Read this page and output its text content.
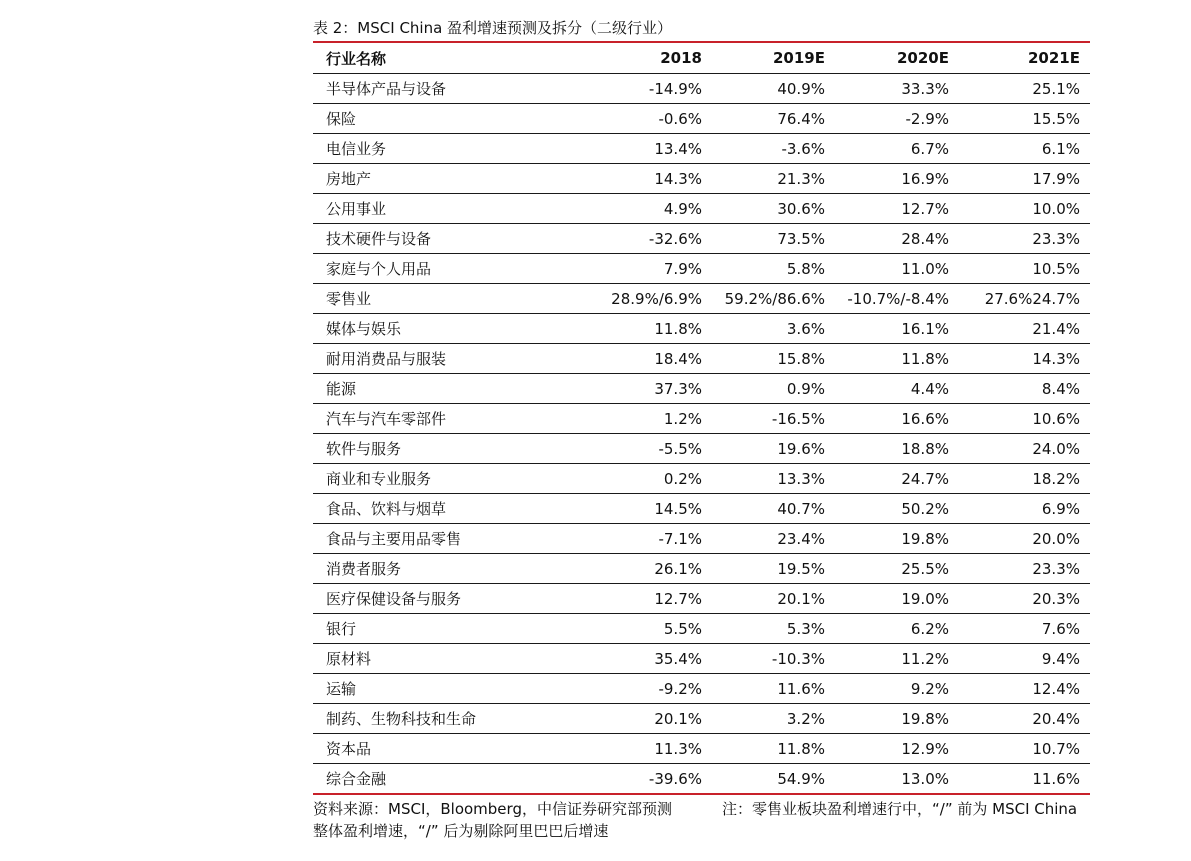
表 2：MSCI China 盈利增速预测及拆分（二级行业）
行业名称	2018	2019E	2020E	2021E
半导体产品与设备	-14.9%	40.9%	33.3%	25.1%
保险	-0.6%	76.4%	-2.9%	15.5%
电信业务	13.4%	-3.6%	6.7%	6.1%
房地产	14.3%	21.3%	16.9%	17.9%
公用事业	4.9%	30.6%	12.7%	10.0%
技术硬件与设备	-32.6%	73.5%	28.4%	23.3%
家庭与个人用品	7.9%	5.8%	11.0%	10.5%
零售业	28.9%/6.9%	59.2%/86.6%	-10.7%/-8.4%	27.6%24.7%
媒体与娱乐	11.8%	3.6%	16.1%	21.4%
耐用消费品与服装	18.4%	15.8%	11.8%	14.3%
能源	37.3%	0.9%	4.4%	8.4%
汽车与汽车零部件	1.2%	-16.5%	16.6%	10.6%
软件与服务	-5.5%	19.6%	18.8%	24.0%
商业和专业服务	0.2%	13.3%	24.7%	18.2%
食品、饮料与烟草	14.5%	40.7%	50.2%	6.9%
食品与主要用品零售	-7.1%	23.4%	19.8%	20.0%
消费者服务	26.1%	19.5%	25.5%	23.3%
医疗保健设备与服务	12.7%	20.1%	19.0%	20.3%
银行	5.5%	5.3%	6.2%	7.6%
原材料	35.4%	-10.3%	11.2%	9.4%
运输	-9.2%	11.6%	9.2%	12.4%
制药、生物科技和生命	20.1%	3.2%	19.8%	20.4%
资本品	11.3%	11.8%	12.9%	10.7%
综合金融	-39.6%	54.9%	13.0%	11.6%
资料来源：MSCI，Bloomberg，中信证券研究部预测
整体盈利增速，“/” 后为剔除阿里巴巴后增速
注：零售业板块盈利增速行中，“/” 前为 MSCI China
